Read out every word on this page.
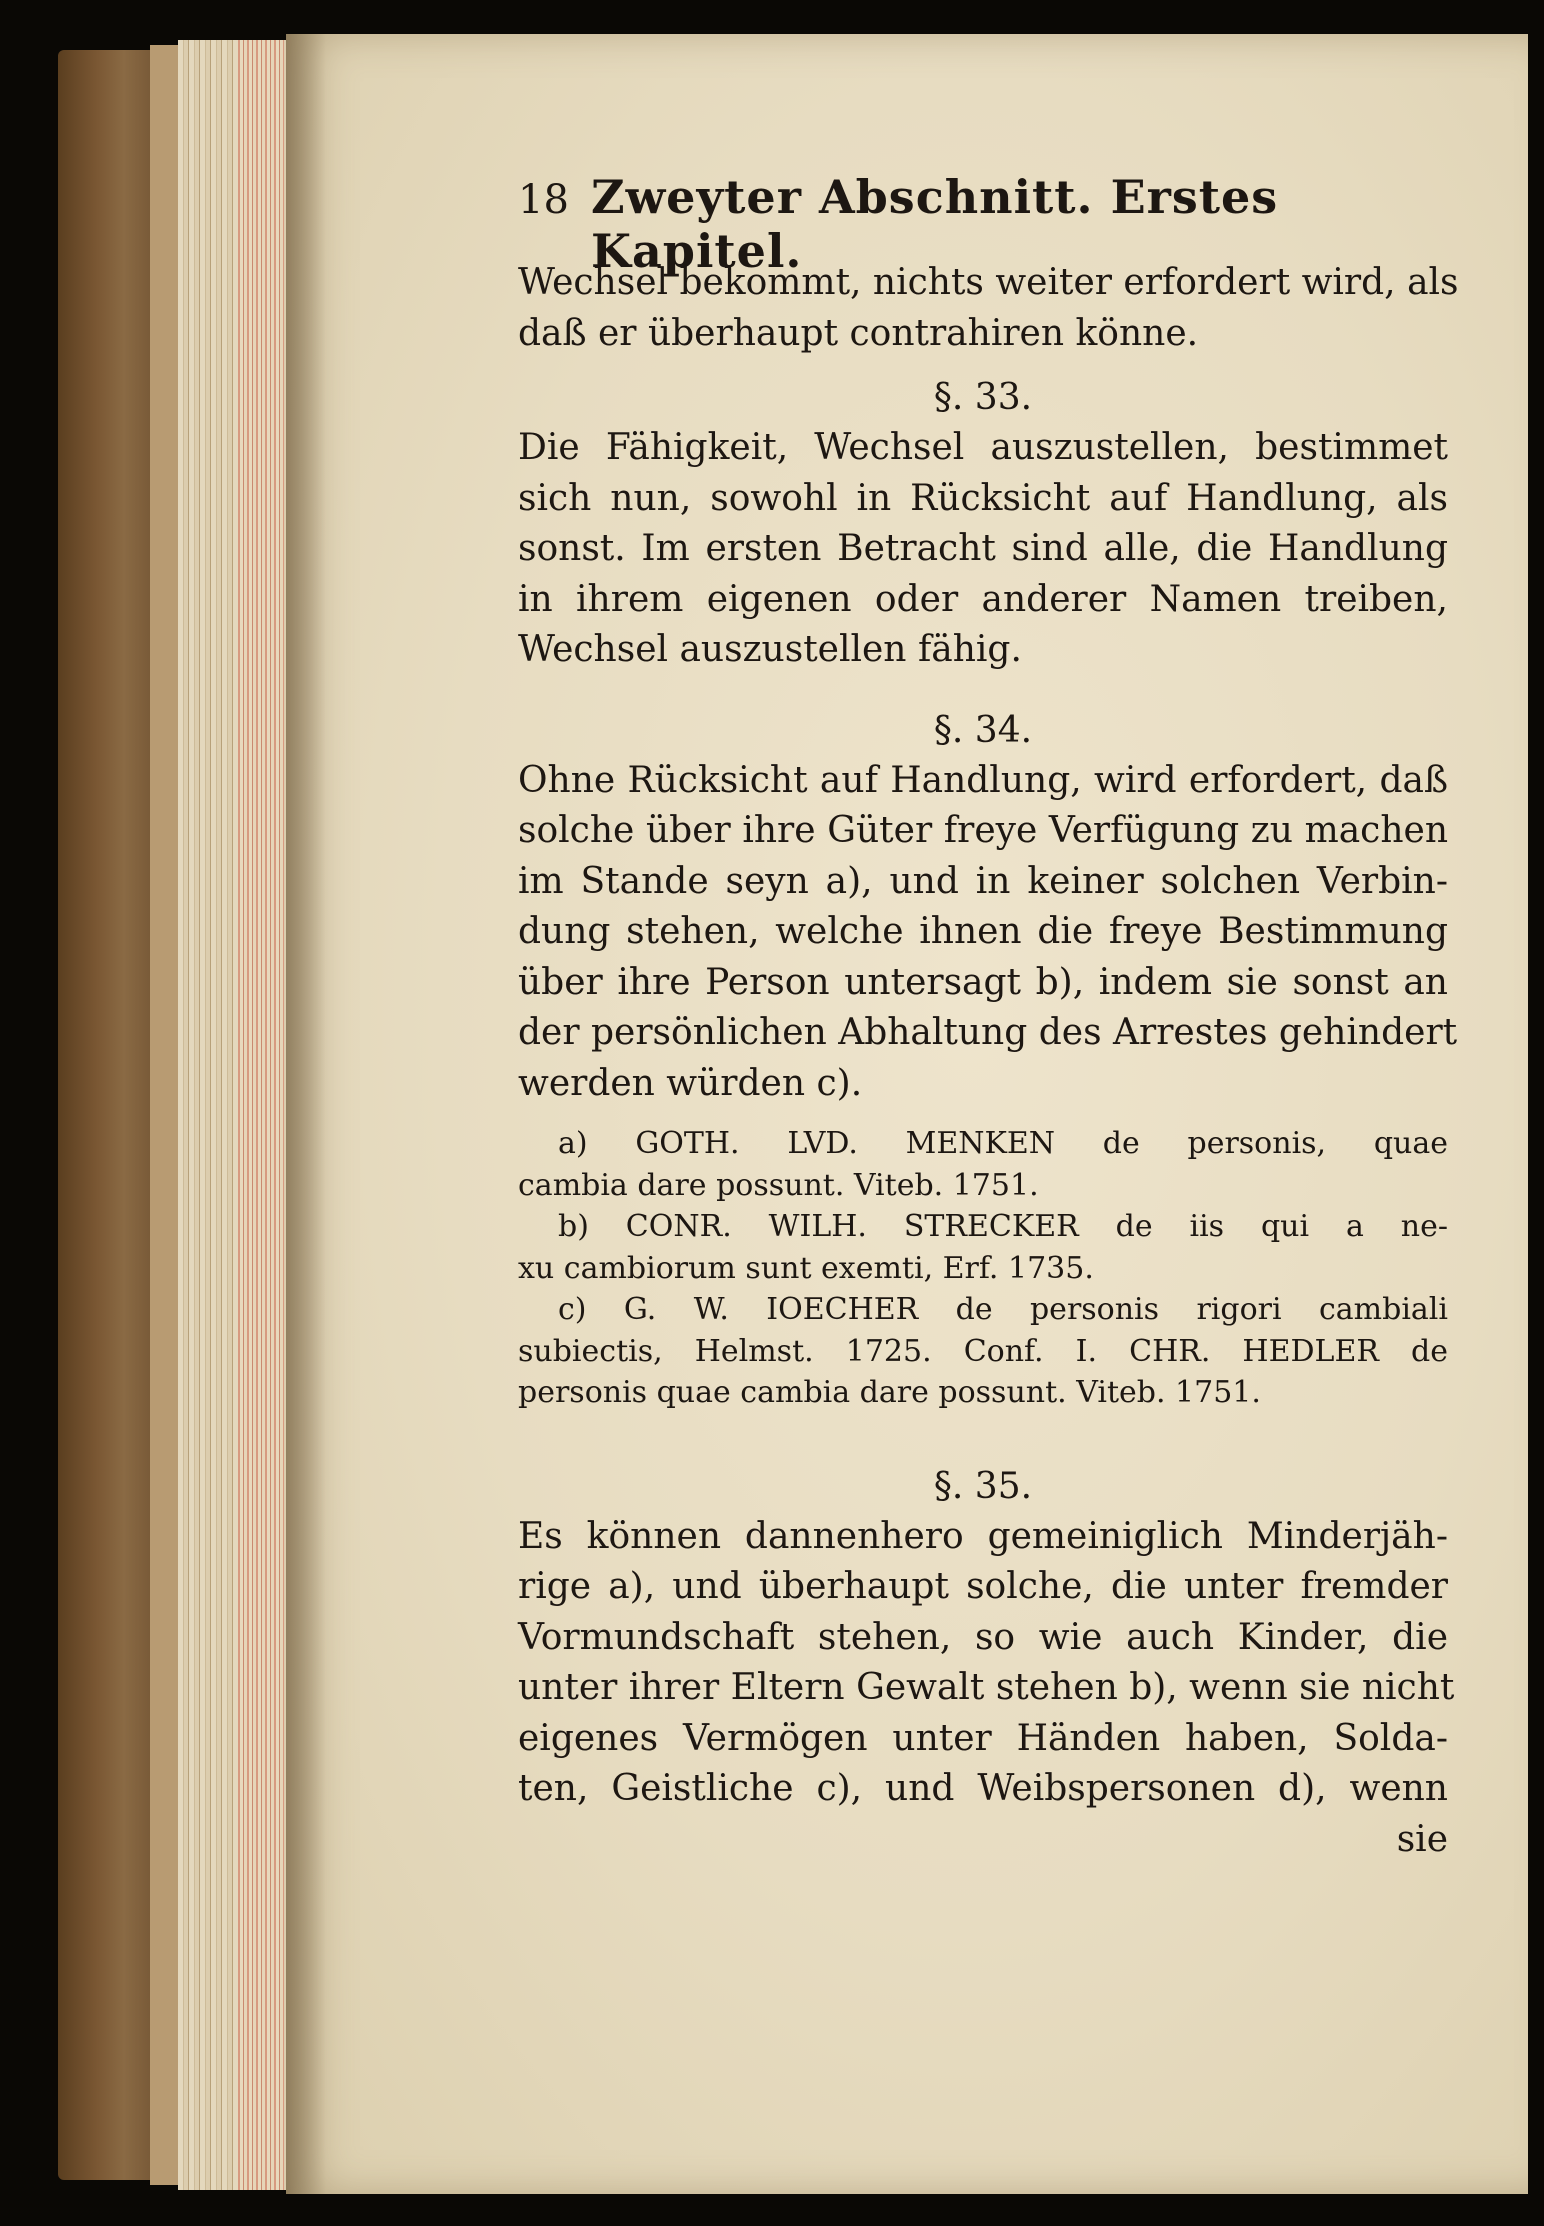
18 Zweyter Abschnitt. Erstes Kapitel.
Wechsel bekommt, nichts weiter erfordert wird, als
daß er überhaupt contrahiren könne.
§. 33.
Die Fähigkeit, Wechsel auszustellen, bestimmet
sich nun, sowohl in Rücksicht auf Handlung, als
sonst. Im ersten Betracht sind alle, die Handlung
in ihrem eigenen oder anderer Namen treiben,
Wechsel auszustellen fähig.
§. 34.
Ohne Rücksicht auf Handlung, wird erfordert, daß
solche über ihre Güter freye Verfügung zu machen
im Stande seyn a), und in keiner solchen Verbin-
dung stehen, welche ihnen die freye Bestimmung
über ihre Person untersagt b), indem sie sonst an
der persönlichen Abhaltung des Arrestes gehindert
werden würden c).
a) GOTH. LVD. MENKEN de personis, quae
cambia dare possunt. Viteb. 1751.
b) CONR. WILH. STRECKER de iis qui a ne-
xu cambiorum sunt exemti, Erf. 1735.
c) G. W. IOECHER de personis rigori cambiali
subiectis, Helmst. 1725. Conf. I. CHR. HEDLER de
personis quae cambia dare possunt. Viteb. 1751.
§. 35.
Es können dannenhero gemeiniglich Minderjäh-
rige a), und überhaupt solche, die unter fremder
Vormundschaft stehen, so wie auch Kinder, die
unter ihrer Eltern Gewalt stehen b), wenn sie nicht
eigenes Vermögen unter Händen haben, Solda-
ten, Geistliche c), und Weibspersonen d), wenn
sie
